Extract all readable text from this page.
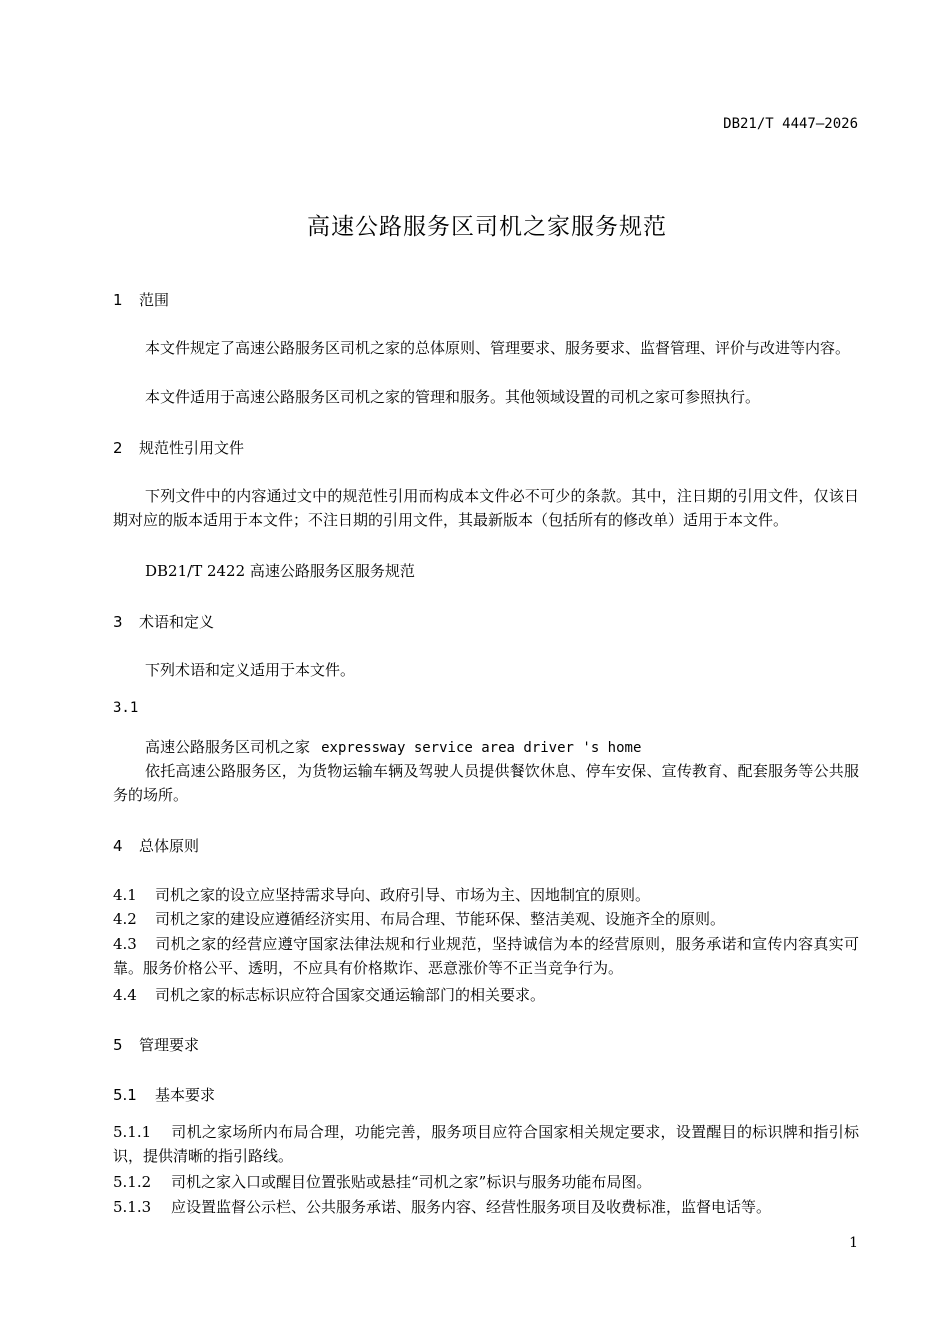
DB21/T 4447—2026
高速公路服务区司机之家服务规范
1 范围

本文件规定了高速公路服务区司机之家的总体原则、管理要求、服务要求、监督管理、评价与改进等内容。

本文件适用于高速公路服务区司机之家的管理和服务。其他领域设置的司机之家可参照执行。

2 规范性引用文件

下列文件中的内容通过文中的规范性引用而构成本文件必不可少的条款。其中，注日期的引用文件，仅该日期对应的版本适用于本文件；不注日期的引用文件，其最新版本（包括所有的修改单）适用于本文件。

DB21/T 2422 高速公路服务区服务规范

3 术语和定义

下列术语和定义适用于本文件。

3.1
高速公路服务区司机之家 expressway service area driver 's home

依托高速公路服务区，为货物运输车辆及驾驶人员提供餐饮休息、停车安保、宣传教育、配套服务等公共服务的场所。

4 总体原则

4.1 司机之家的设立应坚持需求导向、政府引导、市场为主、因地制宜的原则。

4.2 司机之家的建设应遵循经济实用、布局合理、节能环保、整洁美观、设施齐全的原则。

4.3 司机之家的经营应遵守国家法律法规和行业规范，坚持诚信为本的经营原则，服务承诺和宣传内容真实可靠。服务价格公平、透明，不应具有价格欺诈、恶意涨价等不正当竞争行为。

4.4 司机之家的标志标识应符合国家交通运输部门的相关要求。

5 管理要求
5.1 基本要求

5.1.1 司机之家场所内布局合理，功能完善，服务项目应符合国家相关规定要求，设置醒目的标识牌和指引标识，提供清晰的指引路线。

5.1.2 司机之家入口或醒目位置张贴或悬挂“司机之家”标识与服务功能布局图。

5.1.3 应设置监督公示栏、公共服务承诺、服务内容、经营性服务项目及收费标准，监督电话等。

1
